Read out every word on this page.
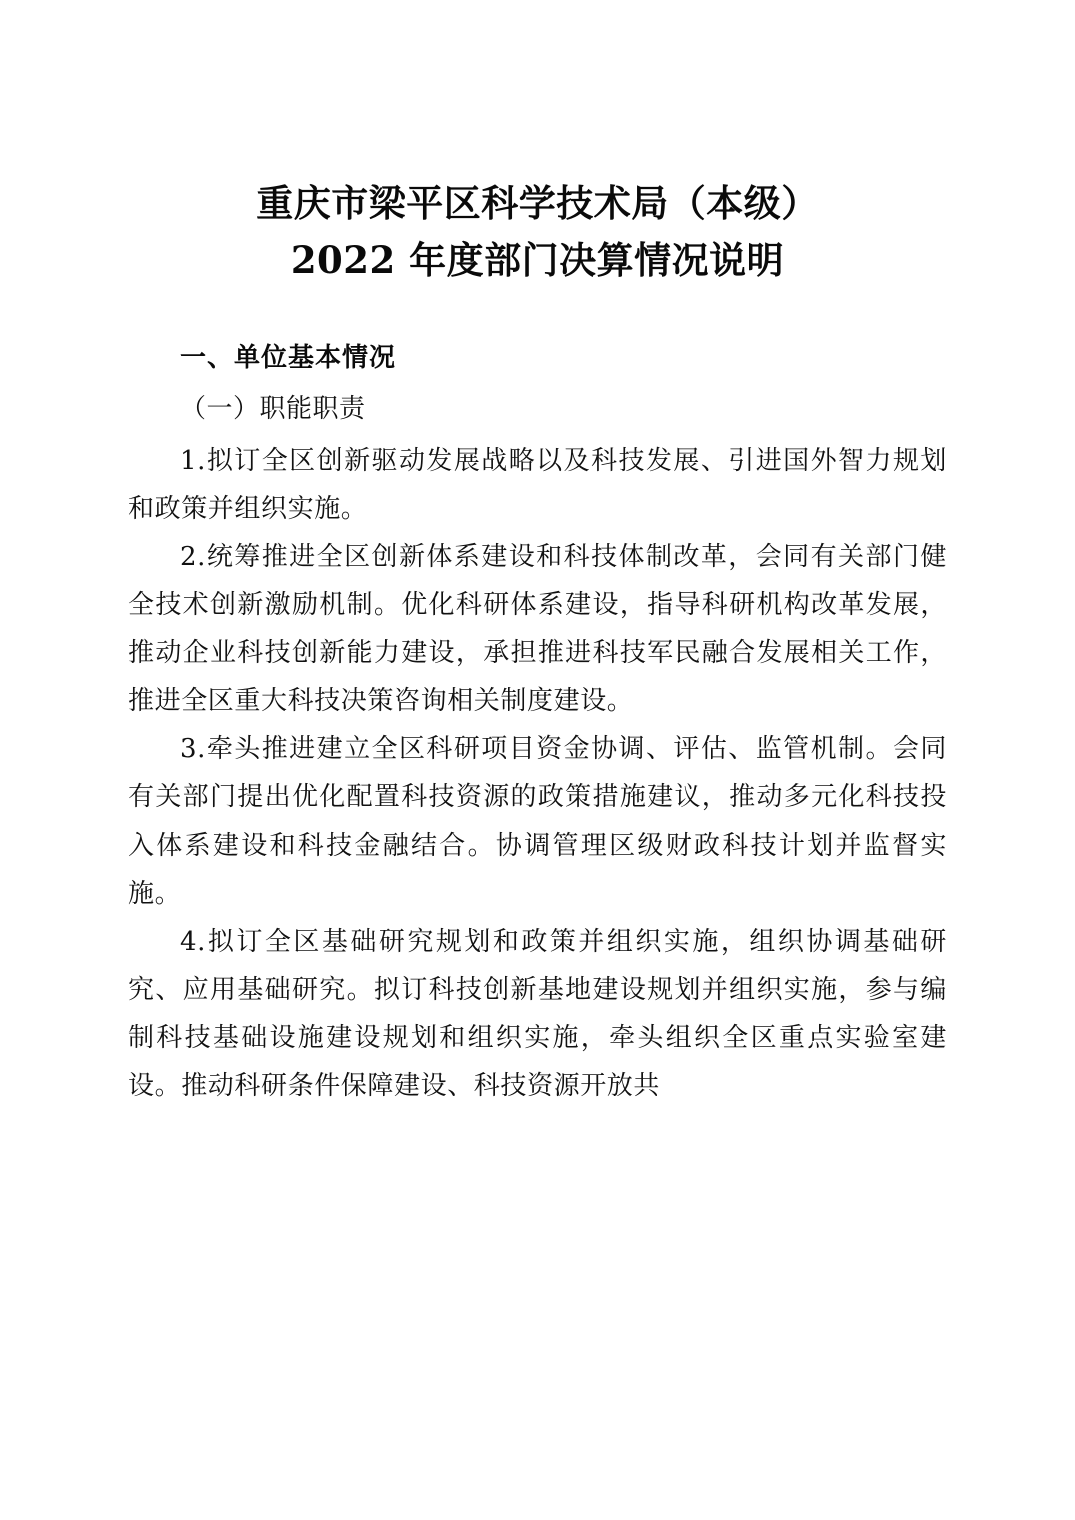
重庆市梁平区科学技术局（本级）
2022 年度部门决算情况说明
一、单位基本情况
（一）职能职责

1.拟订全区创新驱动发展战略以及科技发展、引进国外智力规划和政策并组织实施。

2.统筹推进全区创新体系建设和科技体制改革，会同有关部门健全技术创新激励机制。优化科研体系建设，指导科研机构改革发展，推动企业科技创新能力建设，承担推进科技军民融合发展相关工作，推进全区重大科技决策咨询相关制度建设。

3.牵头推进建立全区科研项目资金协调、评估、监管机制。会同有关部门提出优化配置科技资源的政策措施建议，推动多元化科技投入体系建设和科技金融结合。协调管理区级财政科技计划并监督实施。

4.拟订全区基础研究规划和政策并组织实施，组织协调基础研究、应用基础研究。拟订科技创新基地建设规划并组织实施，参与编制科技基础设施建设规划和组织实施，牵头组织全区重点实验室建设。推动科研条件保障建设、科技资源开放共
